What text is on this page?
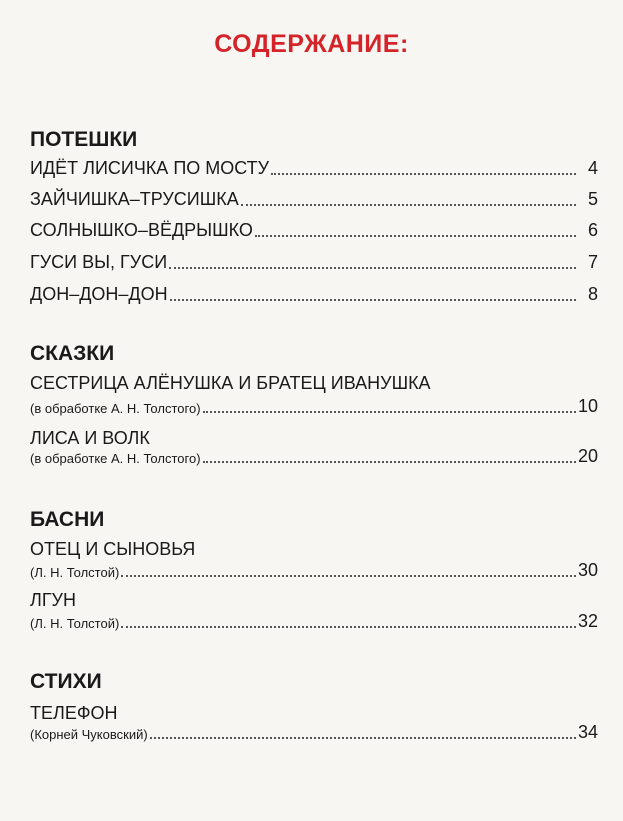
СОДЕРЖАНИЕ:
ПОТЕШКИ
ИДЁТ ЛИСИЧКА ПО МОСТУ	4
ЗАЙЧИШКА–ТРУСИШКА	5
СОЛНЫШКО–ВЁДРЫШКО	6
ГУСИ ВЫ, ГУСИ	7
ДОН–ДОН–ДОН	8
СКАЗКИ
СЕСТРИЦА АЛЁНУШКА И БРАТЕЦ ИВАНУШКА
(в обработке А. Н. Толстого)	10
ЛИСА И ВОЛК
(в обработке А. Н. Толстого)	20
БАСНИ
ОТЕЦ И СЫНОВЬЯ
(Л. Н. Толстой)	30
ЛГУН
(Л. Н. Толстой)	32
СТИХИ
ТЕЛЕФОН
(Корней Чуковский)	34
